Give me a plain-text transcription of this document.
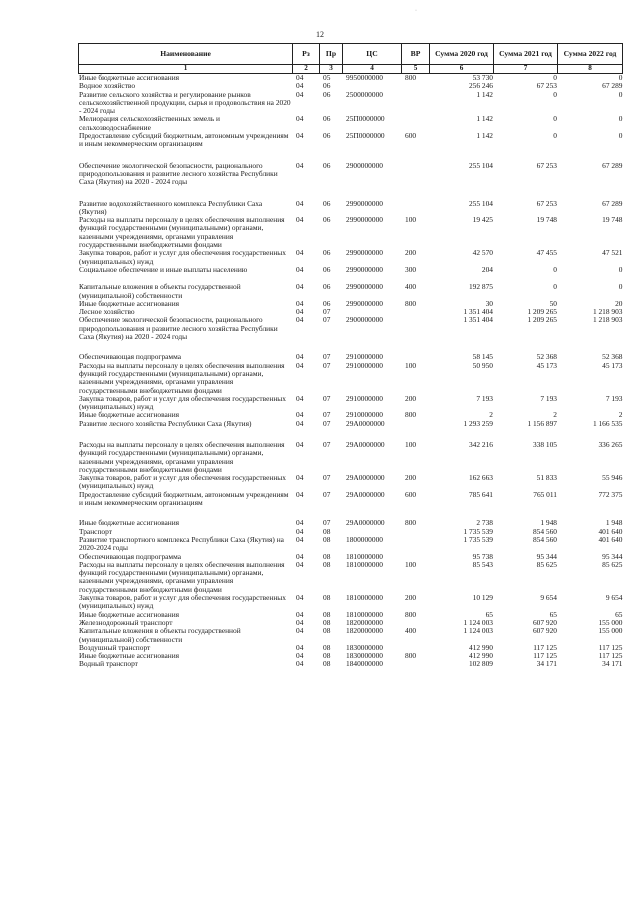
·
12
Наименование	Рз	Пр	ЦС	ВР	Сумма 2020 год	Сумма 2021 год	Сумма 2022 год
1	2	3	4	5	6	7	8
Иные бюджетные ассигнования	04	05	9950000000	800	53 730	0	0
Водное хозяйство	04	06			256 246	67 253	67 289
Развитие сельского хозяйства и регулирование рынков сельскохозяйственной продукции, сырья и продовольствия на 2020 - 2024 годы	04	06	2500000000		1 142	0	0
Мелиорация сельскохозяйственных земель и сельхозводоснабжение	04	06	25П0000000		1 142	0	0
Предоставление субсидий бюджетным, автономным учреждениям и иным некоммерческим организациям	04	06	25П0000000	600	1 142	0	0
Обеспечение экологической безопасности, рационального природопользования и развитие лесного хозяйства Республики Саха (Якутия) на 2020 - 2024 годы	04	06	2900000000		255 104	67 253	67 289
Развитие водохозяйственного комплекса Республики Саха (Якутия)	04	06	2990000000		255 104	67 253	67 289
Расходы на выплаты персоналу в целях обеспечения выполнения функций государственными (муниципальными) органами, казенными учреждениями, органами управления государственными внебюджетными фондами	04	06	2990000000	100	19 425	19 748	19 748
Закупка товаров, работ и услуг для обеспечения государственных (муниципальных) нужд	04	06	2990000000	200	42 570	47 455	47 521
Социальное обеспечение и иные выплаты населению	04	06	2990000000	300	204	0	0
Капитальные вложения в объекты государственной (муниципальной) собственности	04	06	2990000000	400	192 875	0	0
Иные бюджетные ассигнования	04	06	2990000000	800	30	50	20
Лесное хозяйство	04	07			1 351 404	1 209 265	1 218 903
Обеспечение экологической безопасности, рационального природопользования и развитие лесного хозяйства Республики Саха (Якутия) на 2020 - 2024 годы	04	07	2900000000		1 351 404	1 209 265	1 218 903
Обеспечивающая подпрограмма	04	07	2910000000		58 145	52 368	52 368
Расходы на выплаты персоналу в целях обеспечения выполнения функций государственными (муниципальными) органами, казенными учреждениями, органами управления государственными внебюджетными фондами	04	07	2910000000	100	50 950	45 173	45 173
Закупка товаров, работ и услуг для обеспечения государственных (муниципальных) нужд	04	07	2910000000	200	7 193	7 193	7 193
Иные бюджетные ассигнования	04	07	2910000000	800	2	2	2
Развитие лесного хозяйства Республики Саха (Якутия)	04	07	29А0000000		1 293 259	1 156 897	1 166 535
Расходы на выплаты персоналу в целях обеспечения выполнения функций государственными (муниципальными) органами, казенными учреждениями, органами управления государственными внебюджетными фондами	04	07	29А0000000	100	342 216	338 105	336 265
Закупка товаров, работ и услуг для обеспечения государственных (муниципальных) нужд	04	07	29А0000000	200	162 663	51 833	55 946
Предоставление субсидий бюджетным, автономным учреждениям и иным некоммерческим организациям	04	07	29А0000000	600	785 641	765 011	772 375
Иные бюджетные ассигнования	04	07	29А0000000	800	2 738	1 948	1 948
Транспорт	04	08			1 735 539	854 560	401 640
Развитие транспортного комплекса Республики Саха (Якутия) на 2020-2024 годы	04	08	1800000000		1 735 539	854 560	401 640
Обеспечивающая подпрограмма	04	08	1810000000		95 738	95 344	95 344
Расходы на выплаты персоналу в целях обеспечения выполнения функций государственными (муниципальными) органами, казенными учреждениями, органами управления государственными внебюджетными фондами	04	08	1810000000	100	85 543	85 625	85 625
Закупка товаров, работ и услуг для обеспечения государственных (муниципальных) нужд	04	08	1810000000	200	10 129	9 654	9 654
Иные бюджетные ассигнования	04	08	1810000000	800	65	65	65
Железнодорожный транспорт	04	08	1820000000		1 124 003	607 920	155 000
Капитальные вложения в объекты государственной (муниципальной) собственности	04	08	1820000000	400	1 124 003	607 920	155 000
Воздушный транспорт	04	08	1830000000		412 990	117 125	117 125
Иные бюджетные ассигнования	04	08	1830000000	800	412 990	117 125	117 125
Водный транспорт	04	08	1840000000		102 809	34 171	34 171
